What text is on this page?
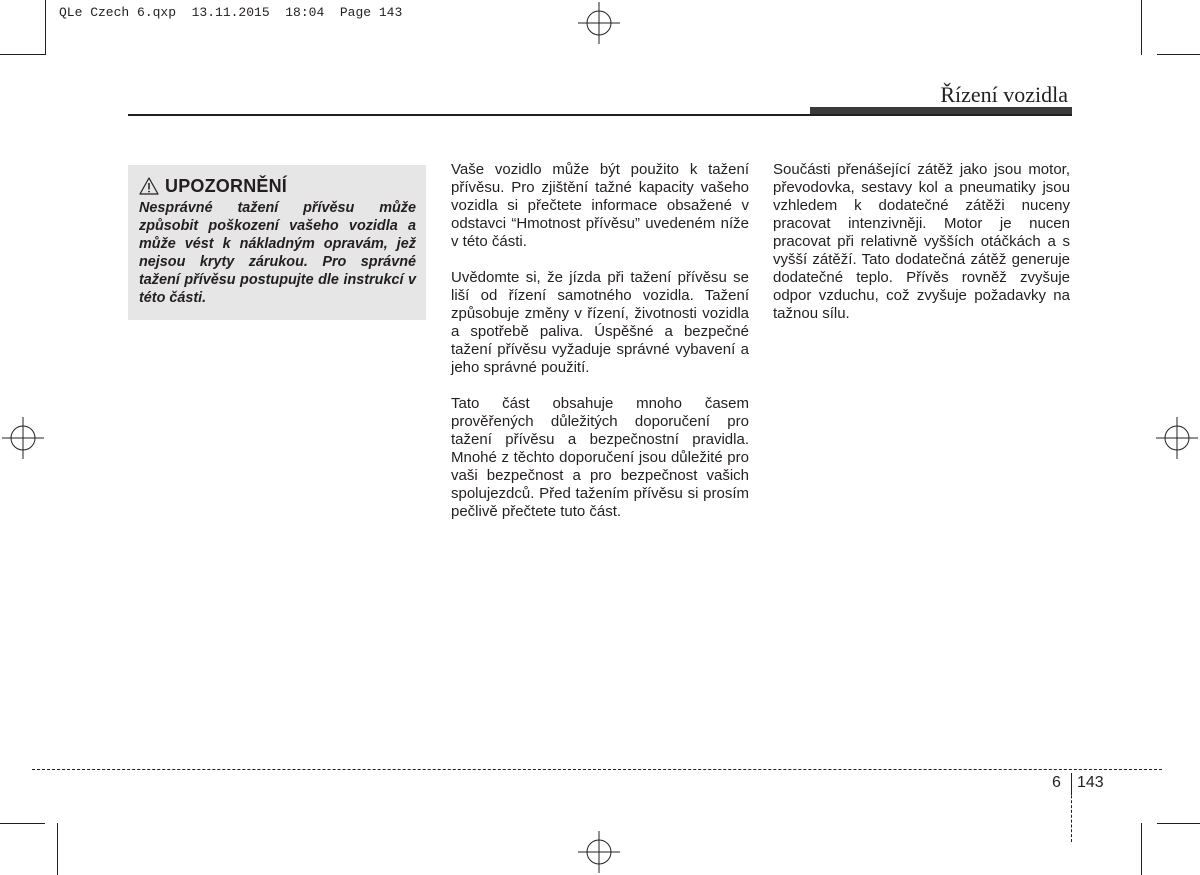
QLe Czech 6.qxp  13.11.2015  18:04  Page 143
Řízení vozidla
UPOZORNĚNÍ
Nesprávné tažení přívěsu může způsobit poškození vašeho vozidla a může vést k nákladným opravám, jež nejsou kryty zárukou. Pro správné tažení přívěsu postupujte dle instrukcí v této části.

Vaše vozidlo může být použito k tažení přívěsu. Pro zjištění tažné kapacity vašeho vozidla si přečtete informace obsažené v odstavci “Hmotnost přívěsu” uvedeném níže v této části.

Uvědomte si, že jízda při tažení přívěsu se liší od řízení samotného vozidla. Tažení způsobuje změny v řízení, životnosti vozidla a spotřebě paliva. Úspěšné a bezpečné tažení přívěsu vyžaduje správné vybavení a jeho správné použití.

Tato část obsahuje mnoho časem prověřených důležitých doporučení pro tažení přívěsu a bezpečnostní pravidla. Mnohé z těchto doporučení jsou důležité pro vaši bezpečnost a pro bezpečnost vašich spolujezdců. Před tažením přívěsu si prosím pečlivě přečtete tuto část.

Součásti přenášející zátěž jako jsou motor, převodovka, sestavy kol a pneumatiky jsou vzhledem k dodatečné zátěži nuceny pracovat intenzivněji. Motor je nucen pracovat při relativně vyšších otáčkách a s vyšší zátěží. Tato dodatečná zátěž generuje dodatečné teplo. Přívěs rovněž zvyšuje odpor vzduchu, což zvyšuje požadavky na tažnou sílu.

6 143
